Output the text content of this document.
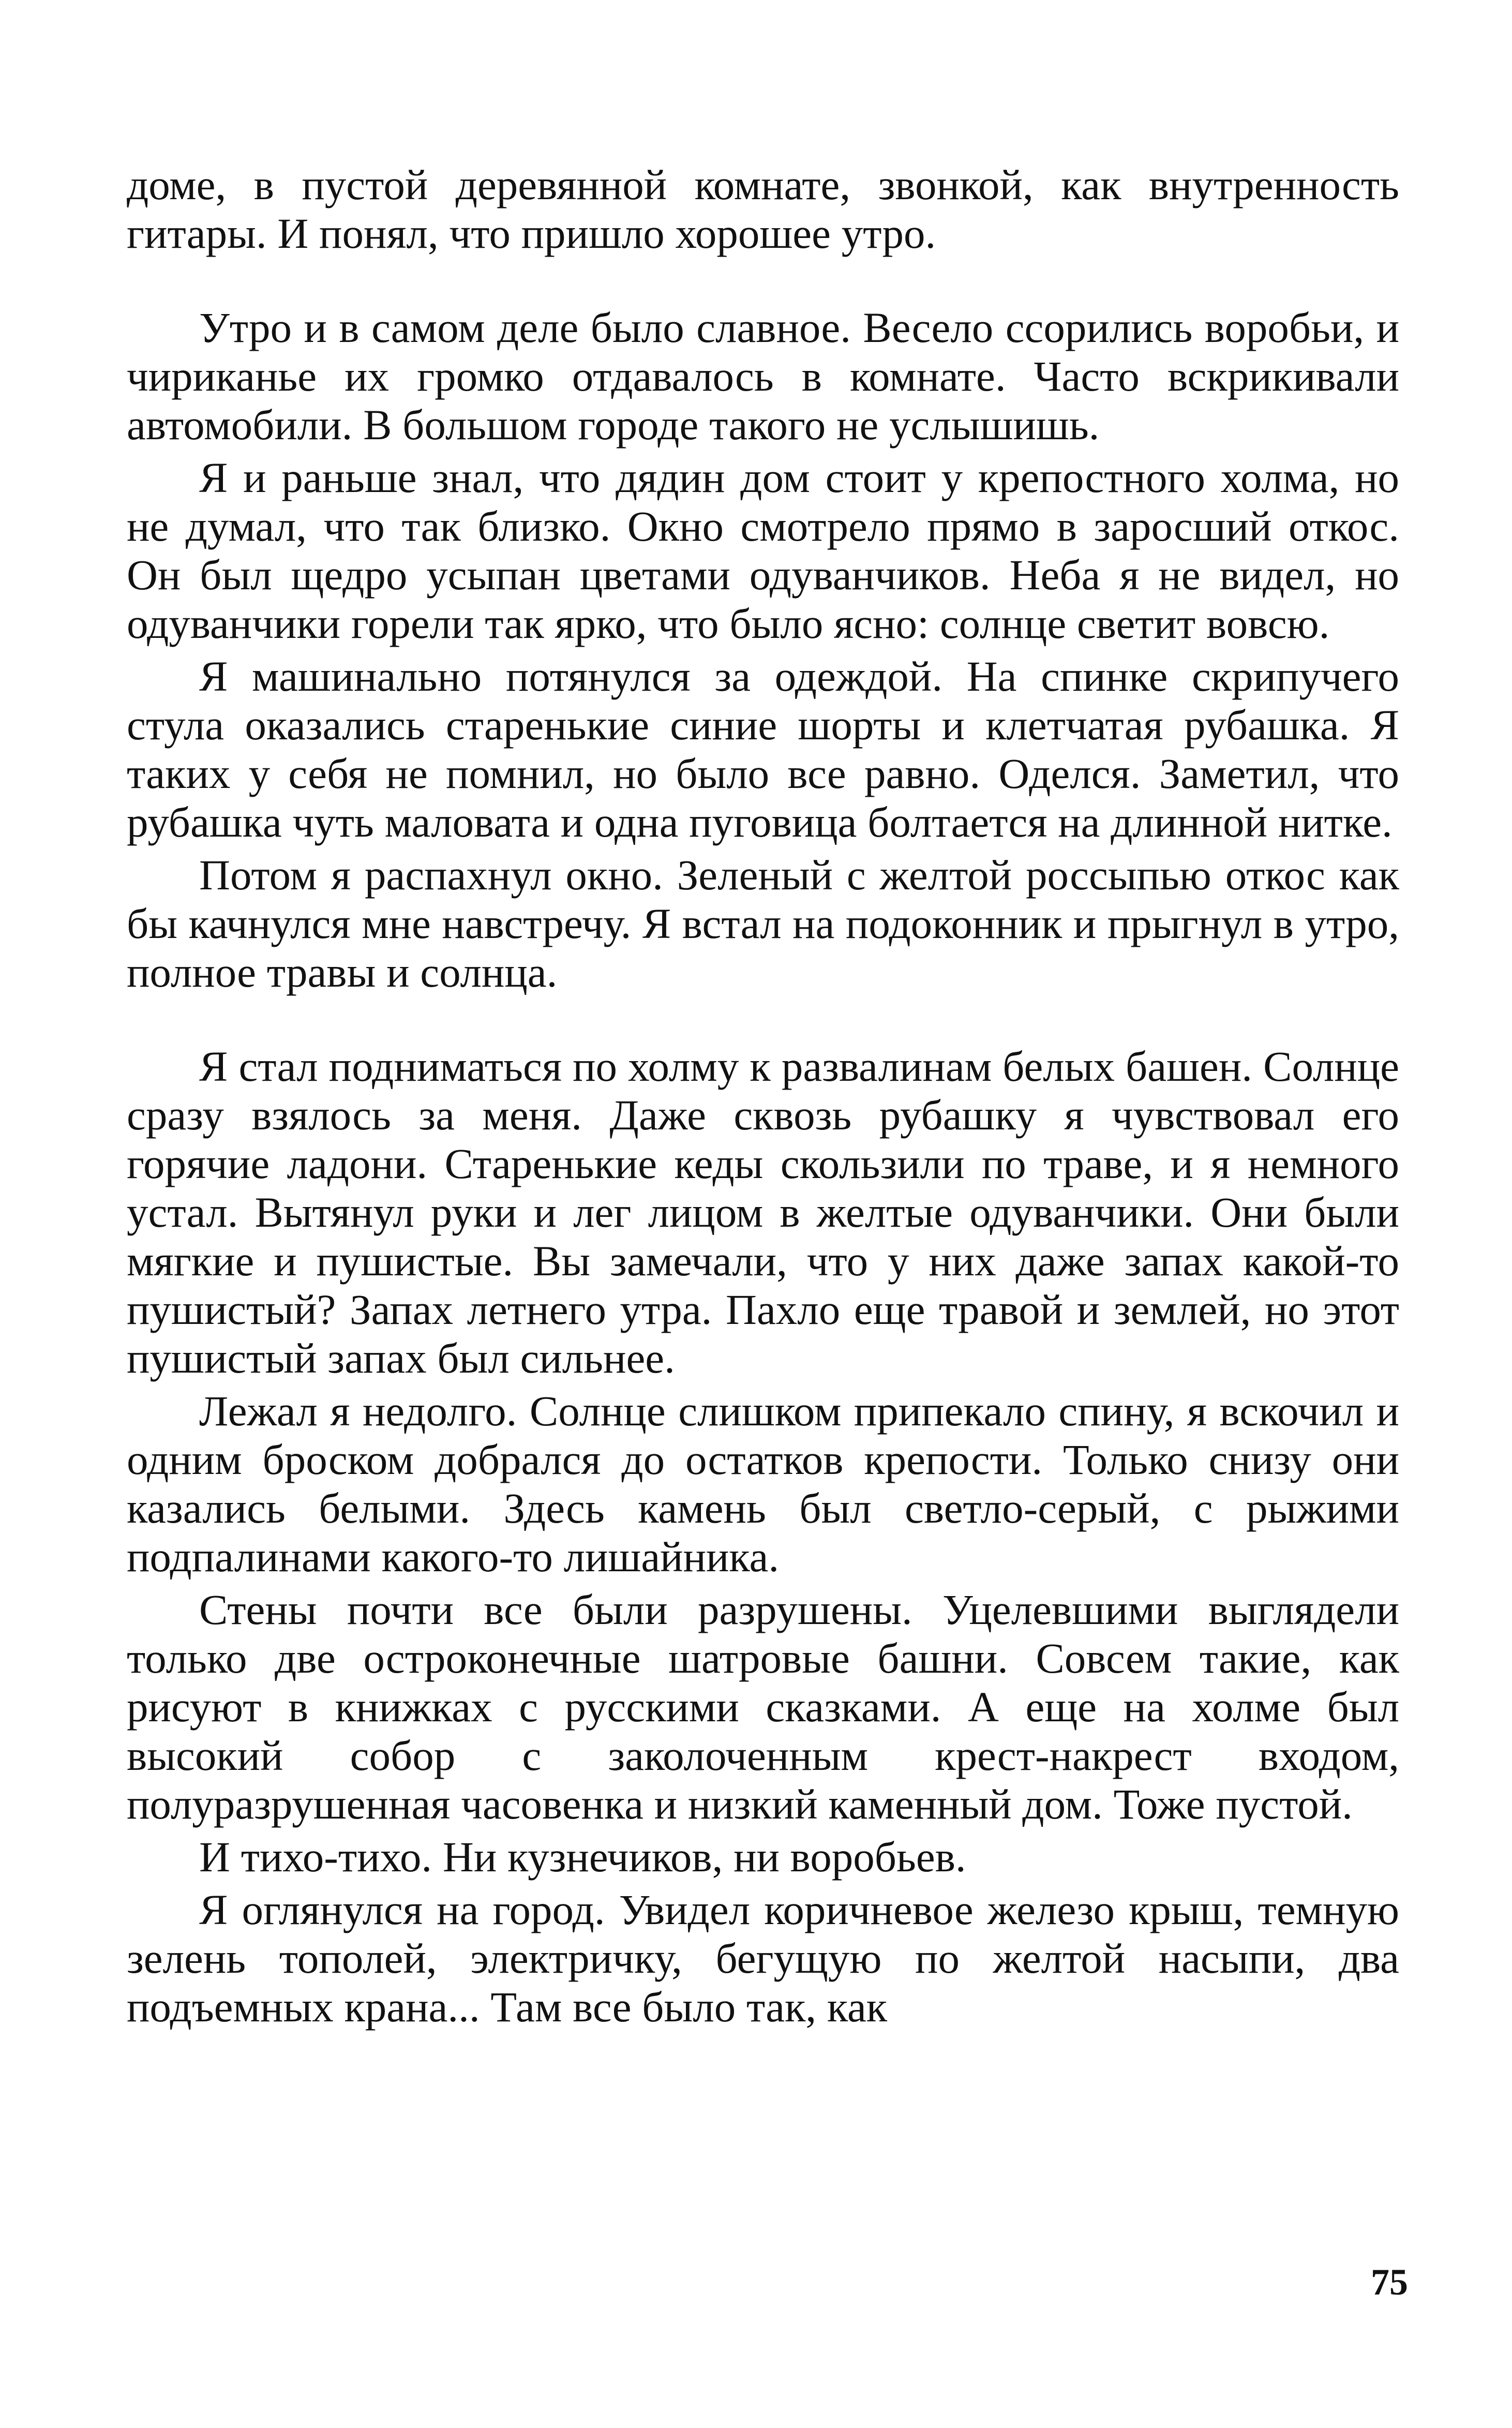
доме, в пустой деревянной комнате, звонкой, как внутренность гитары. И понял, что пришло хорошее утро.

Утро и в самом деле было славное. Весело ссорились воробьи, и чириканье их громко отдавалось в комнате. Часто вскрикивали автомобили. В большом городе такого не услышишь.

Я и раньше знал, что дядин дом стоит у крепостного холма, но не думал, что так близко. Окно смотрело прямо в заросший откос. Он был щедро усыпан цветами одуванчиков. Неба я не видел, но одуванчики горели так ярко, что было ясно: солнце светит вовсю.

Я машинально потянулся за одеждой. На спинке скрипучего стула оказались старенькие синие шорты и клетчатая рубашка. Я таких у себя не помнил, но было все равно. Оделся. Заметил, что рубашка чуть маловата и одна пуговица болтается на длинной нитке.

Потом я распахнул окно. Зеленый с желтой россыпью откос как бы качнулся мне навстречу. Я встал на подоконник и прыгнул в утро, полное травы и солнца.

Я стал подниматься по холму к развалинам белых башен. Солнце сразу взялось за меня. Даже сквозь рубашку я чувствовал его горячие ладони. Старенькие кеды скользили по траве, и я немного устал. Вытянул руки и лег лицом в желтые одуванчики. Они были мягкие и пушистые. Вы замечали, что у них даже запах какой-то пушистый? Запах летнего утра. Пахло еще травой и землей, но этот пушистый запах был сильнее.

Лежал я недолго. Солнце слишком припекало спину, я вскочил и одним броском добрался до остатков крепости. Только снизу они казались белыми. Здесь камень был светло-серый, с рыжими подпалинами какого-то лишайника.

Стены почти все были разрушены. Уцелевшими выглядели только две остроконечные шатровые башни. Совсем такие, как рисуют в книжках с русскими сказками. А еще на холме был высокий собор с заколоченным крест-накрест входом, полуразрушенная часовенка и низкий каменный дом. Тоже пустой.

И тихо-тихо. Ни кузнечиков, ни воробьев.

Я оглянулся на город. Увидел коричневое железо крыш, темную зелень тополей, электричку, бегущую по желтой насыпи, два подъемных крана... Там все было так, как

75
